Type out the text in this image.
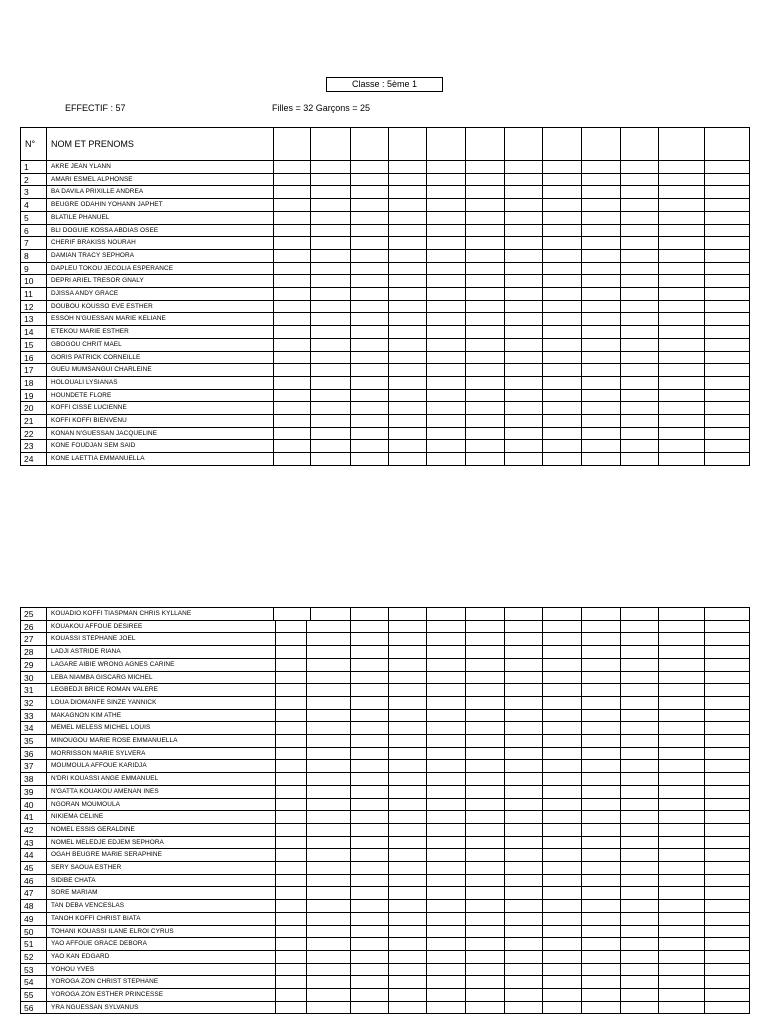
Classe : 5ème 1
EFFECTIF : 57	Filles = 32 Garçons = 25
N°	NOM ET PRENOMS
1	AKRE JEAN YLANN
2	AMARI ESMEL ALPHONSE
3	BA DAVILA PRIXILLE ANDREA
4	BEUGRE ODAHIN YOHANN JAPHET
5	BLATILE PHANUEL
6	BLI DOGUIE KOSSA ABDIAS OSEE
7	CHERIF BRAKISS NOURAH
8	DAMIAN TRACY SEPHORA
9	DAPLEU TOKOU JECOLIA ESPERANCE
10	DEPRI ARIEL TRESOR GNALY
11	DJISSA ANDY GRACE
12	DOUBOU KOUSSO EVE ESTHER
13	ESSOH N'GUESSAN MARIE KELIANE
14	ETEKOU MARIE ESTHER
15	GBOGOU CHRIT MAEL
16	GORIS PATRICK CORNEILLE
17	GUEU MUMSANGUI CHARLEINE
18	HOLOUALI LYSIANAS
19	HOUNDETE FLORE
20	KOFFI CISSE LUCIENNE
21	KOFFI KOFFI BIENVENU
22	KONAN N'GUESSAN JACQUELINE
23	KONE FOUDJAN SEM SAID
24	KONE LAETTIA EMMANUELLA
25	KOUADIO KOFFI TIASPMAN CHRIS KYLLANE
26	KOUAKOU AFFOUE DESIREE
27	KOUASSI STEPHANE JOEL
28	LADJI ASTRIDE RIANA
29	LAGARE AIBIE WRONG AGNES CARINE
30	LEBA NIAMBA GISCARG MICHEL
31	LEGBEDJI BRICE ROMAN VALERE
32	LOUA DIOMANFE SINZE YANNICK
33	MAKAGNON KIM ATHE
34	MEMEL MELESS MICHEL LOUIS
35	MINOUGOU MARIE ROSE EMMANUELLA
36	MORRISSON MARIE SYLVERA
37	MOUMOULA AFFOUE KARIDJA
38	N'DRI KOUASSI ANGE EMMANUEL
39	N'GATTA KOUAKOU AMENAN INES
40	NGORAN MOUMOULA
41	NIKIEMA CELINE
42	NOMEL ESSIS GERALDINE
43	NOMEL MELEDJE EDJEM SEPHORA
44	OGAH BEUGRE MARIE SERAPHINE
45	SERY SAOUA ESTHER
46	SIDIBE CHATA
47	SORE MARIAM
48	TAN DEBA VENCESLAS
49	TANOH KOFFI CHRIST BIATA
50	TOHANI KOUASSI ILANE ELROI CYRUS
51	YAO AFFOUE GRACE DEBORA
52	YAO KAN EDGARD
53	YOHOU YVES
54	YOROGA ZON CHRIST STEPHANE
55	YOROGA ZON ESTHER PRINCESSE
56	YRA NGUESSAN SYLVANUS
